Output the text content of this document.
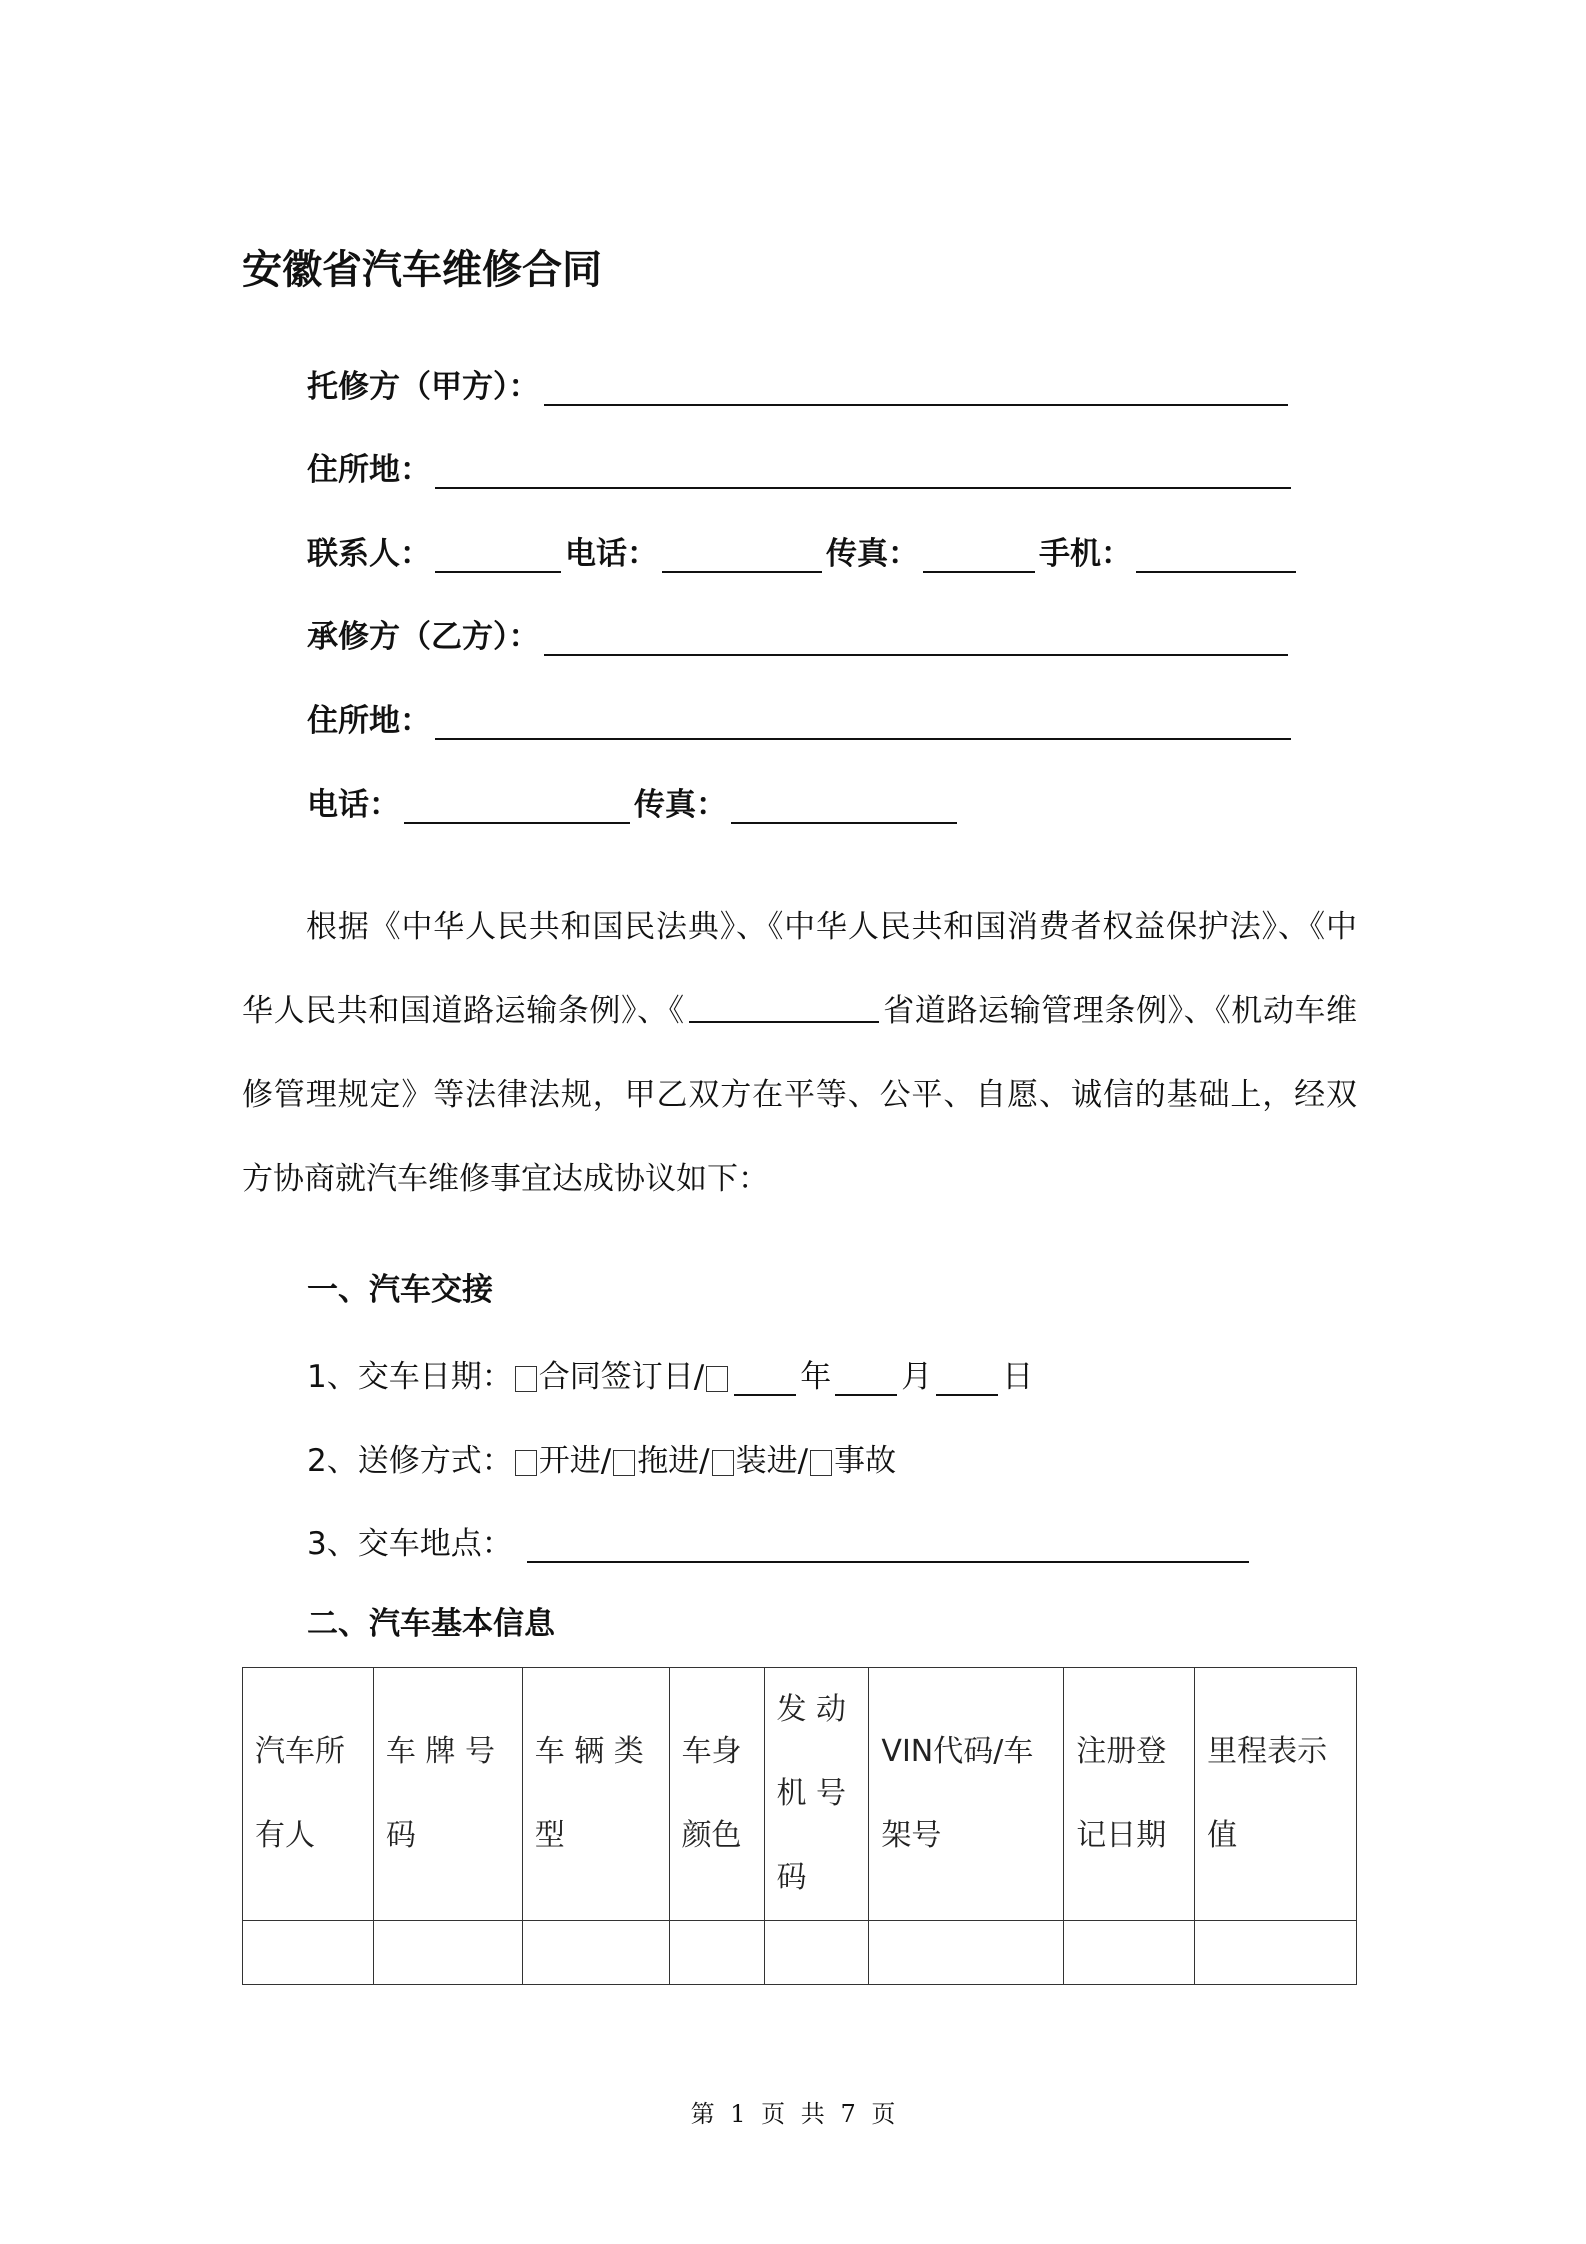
安徽省汽车维修合同
托修方（甲方）：
住所地：
联系人：	电话：	传真：	手机：
承修方（乙方）：
住所地：
电话：	传真：
根据《中华人民共和国民法典》、《中华人民共和国消费者权益保护法》、《中华人民共和国道路运输条例》、《	省道路运输管理条例》、《机动车维修管理规定》等法律法规，甲乙双方在平等、公平、自愿、诚信的基础上，经双方协商就汽车维修事宜达成协议如下：
一、汽车交接
1、交车日期： 合同签订日/	年 月 日
2、送修方式： 开进/ 拖进/ 装进/ 事故
3、交车地点：
二、汽车基本信息
汽车所有人	车 牌 号码	车 辆 类型	车身颜色	发 动 机 号 码	VIN代码/车架号	注册登记日期	里程表示值

第 1 页 共 7 页
